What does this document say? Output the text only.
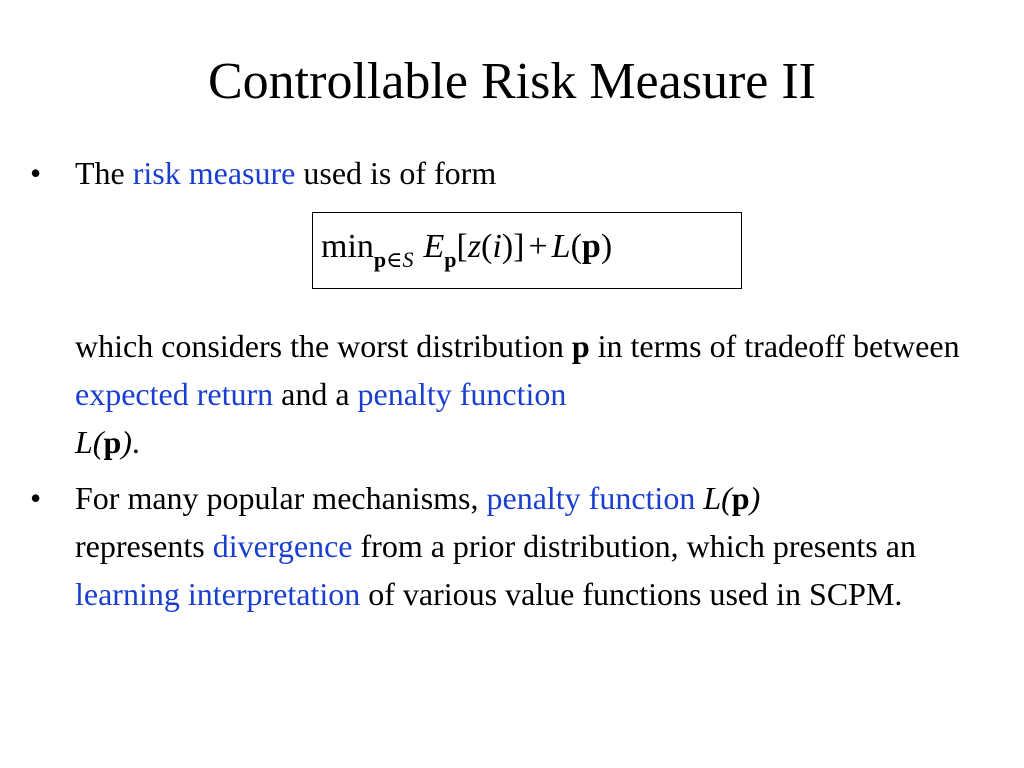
Controllable Risk Measure II
•	The risk measure used is of form
$\min_{p\in S} E_p[z(i)] + L(p)$
which considers the worst distribution p in terms of tradeoff between expected return and a penalty function
L(p).
•	For many popular mechanisms, penalty function L(p)
represents divergence from a prior distribution, which presents an learning interpretation of various value functions used in SCPM.
